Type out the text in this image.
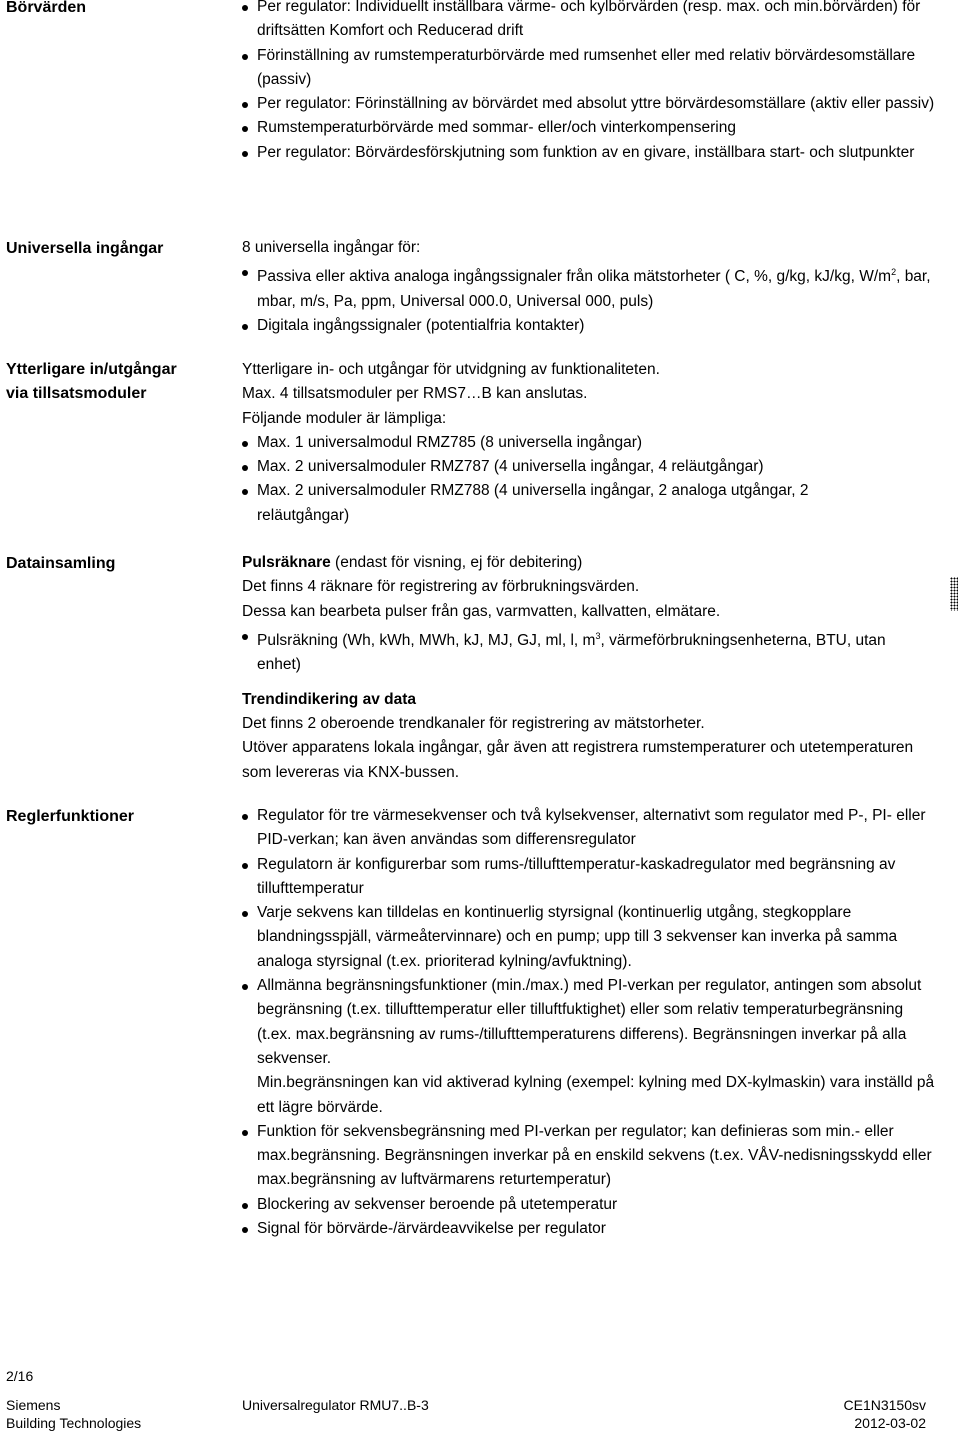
Börvärden	Per regulator: Individuellt inställbara värme- och kylbörvärden (resp. max. och min.börvärden) för driftsätten Komfort och Reducerad drift
Förinställning av rumstemperaturbörvärde med rumsenhet eller med relativ börvärdesomställare (passiv)
Per regulator: Förinställning av börvärdet med absolut yttre börvärdesomställare (aktiv eller passiv)
Rumstemperaturbörvärde med sommar- eller/och vinterkompensering
Per regulator: Börvärdesförskjutning som funktion av en givare, inställbara start- och slutpunkter
Universella ingångar	8 universella ingångar för:

Passiva eller aktiva analoga ingångssignaler från olika mätstorheter ( C, %, g/kg, kJ/kg, $W/m^2$, bar, mbar, m/s, Pa, ppm, Universal 000.0, Universal 000, puls)
Digitala ingångssignaler (potentialfria kontakter)
Ytterligare in/utgångar
via tillsatsmoduler

Ytterligare in- och utgångar för utvidgning av funktionaliteten.

Max. 4 tillsatsmoduler per RMS7…B kan anslutas.

Följande moduler är lämpliga:

Max. 1 universalmodul RMZ785 (8 universella ingångar)
Max. 2 universalmoduler RMZ787 (4 universella ingångar, 4 reläutgångar)
Max. 2 universalmoduler RMZ788 (4 universella ingångar, 2 analoga utgångar, 2 reläutgångar)
Datainsamling	Pulsräknare (endast för visning, ej för debitering)

Det finns 4 räknare för registrering av förbrukningsvärden.

Dessa kan bearbeta pulser från gas, varmvatten, kallvatten, elmätare.

Pulsräkning (Wh, kWh, MWh, kJ, MJ, GJ, ml, l, $m^3$, värmeförbrukningsenheterna, BTU, utan enhet)

Trendindikering av data

Det finns 2 oberoende trendkanaler för registrering av mätstorheter.

Utöver apparatens lokala ingångar, går även att registrera rumstemperaturer och utetemperaturen som levereras via KNX-bussen.

Reglerfunktioner	Regulator för tre värmesekvenser och två kylsekvenser, alternativt som regulator med P-, PI- eller PID-verkan; kan även användas som differensregulator
Regulatorn är konfigurerbar som rums-/tillufttemperatur-kaskadregulator med begränsning av tillufttemperatur
Varje sekvens kan tilldelas en kontinuerlig styrsignal (kontinuerlig utgång, stegkopplare blandningsspjäll, värmeåtervinnare) och en pump; upp till 3 sekvenser kan inverka på samma analoga styrsignal (t.ex. prioriterad kylning/avfuktning).
Allmänna begränsningsfunktioner (min./max.) med PI-verkan per regulator, antingen som absolut begränsning (t.ex. tillufttemperatur eller tilluftfuktighet) eller som relativ temperaturbegränsning (t.ex. max.begränsning av rums-/tillufttemperaturens differens). Begränsningen inverkar på alla sekvenser.
Min.begränsningen kan vid aktiverad kylning (exempel: kylning med DX-kylmaskin) vara inställd på ett lägre börvärde.
Funktion för sekvensbegränsning med PI-verkan per regulator; kan definieras som min.- eller max.begränsning. Begränsningen inverkar på en enskild sekvens (t.ex. VÅV-nedisningsskydd eller max.begränsning av luftvärmarens returtemperatur)
Blockering av sekvenser beroende på utetemperatur
Signal för börvärde-/ärvärdeavvikelse per regulator
2/16
Siemens
Building Technologies
Universalregulator RMU7..B-3	CE1N3150sv
2012-03-02
